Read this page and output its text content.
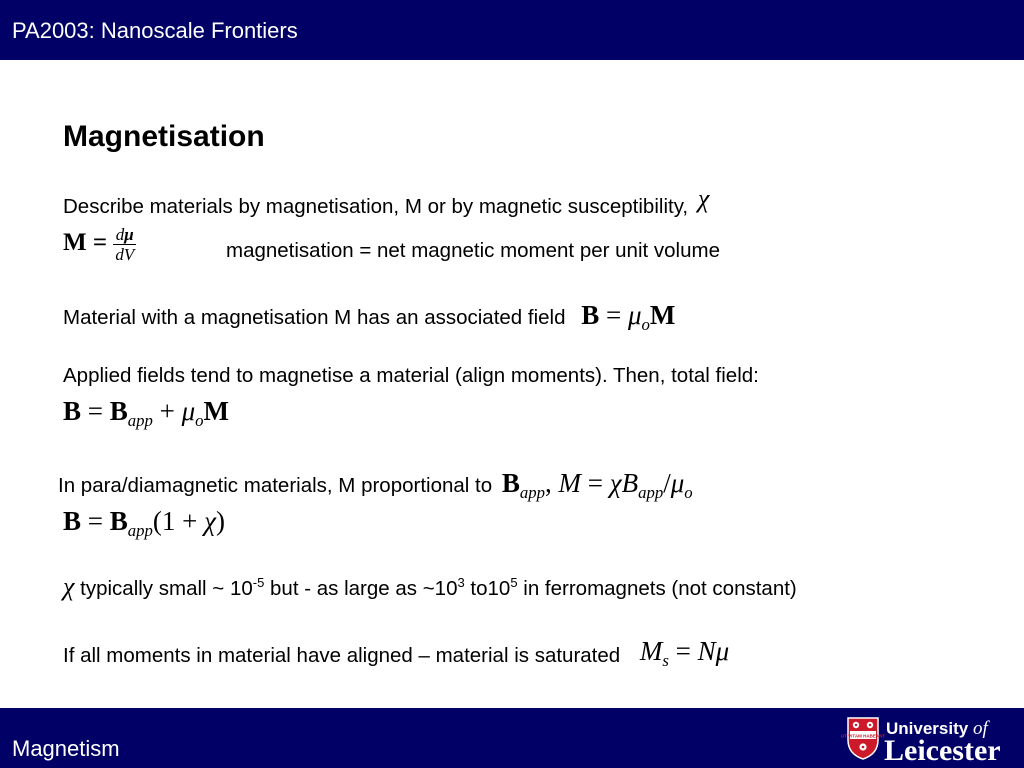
PA2003: Nanoscale Frontiers
Magnetisation
Describe materials by magnetisation, M or by magnetic susceptibility, χ
$M = \frac{d\mu}{dV}$	magnetisation = net magnetic moment per unit volume
Material with a magnetisation M has an associated field $B = \mu_oM$
Applied fields tend to magnetise a material (align moments). Then, total field:
$B = B_{app} + \mu_oM$
In para/diamagnetic materials, M proportional to $B_{app}$, $M = \chi B_{app}/\mu_o$
$B = B_{app}(1 + \chi)$
χ typically small ~ $10^{-5}$ but - as large as $\sim 10^3$ $to10^5$ in ferromagnets (not constant)
If all moments in material have aligned – material is saturated $M_s = N\mu$
Magnetism	UT VITAM HABEANT University of
Leicester
